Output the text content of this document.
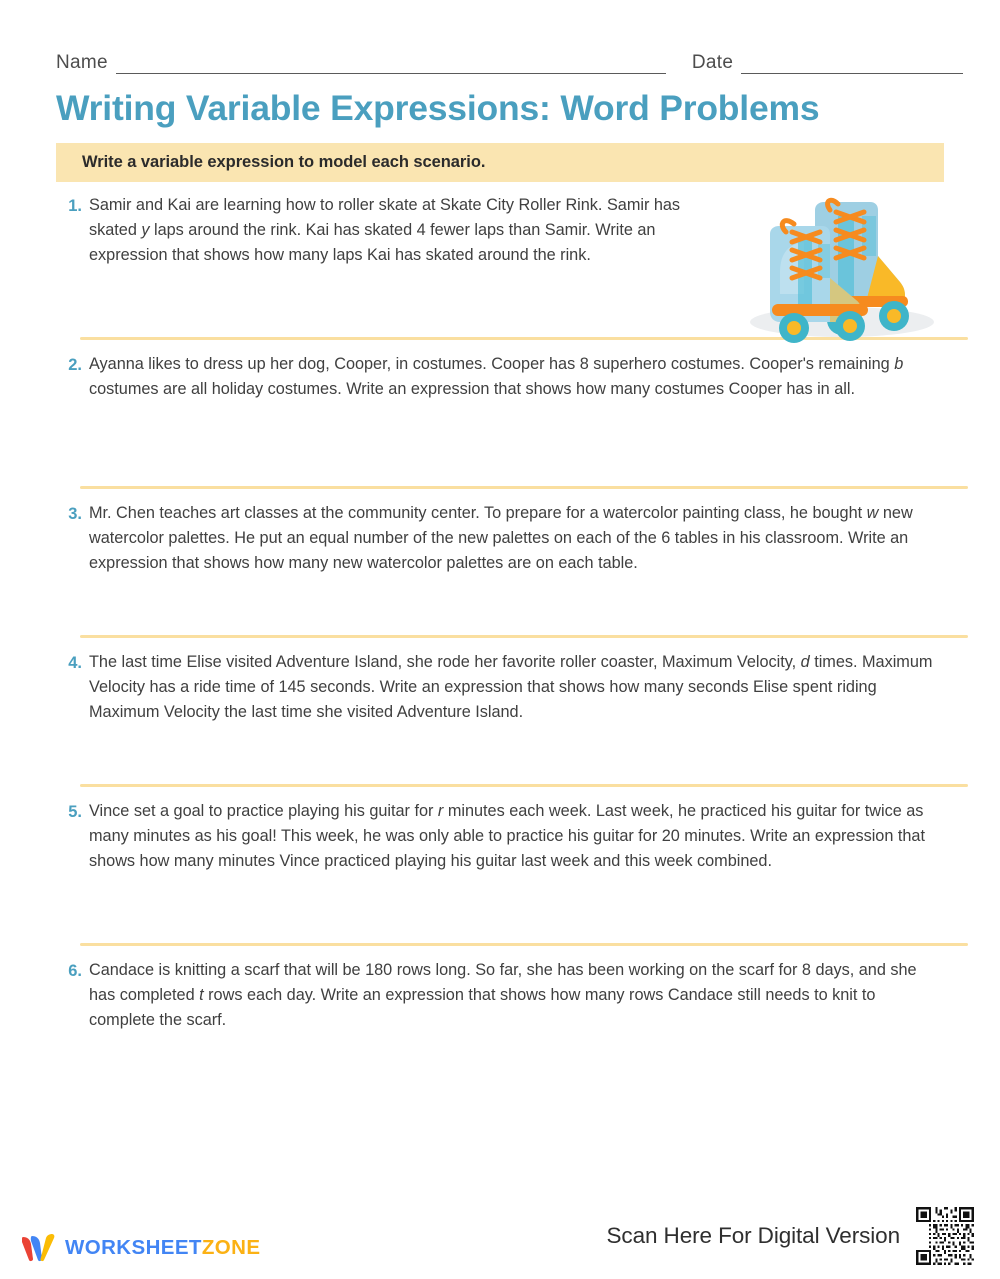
Name	Date
Writing Variable Expressions: Word Problems
Write a variable expression to model each scenario.
1. Samir and Kai are learning how to roller skate at Skate City Roller Rink. Samir has skated y laps around the rink. Kai has skated 4 fewer laps than Samir. Write an expression that shows how many laps Kai has skated around the rink.
2. Ayanna likes to dress up her dog, Cooper, in costumes. Cooper has 8 superhero costumes. Cooper's remaining b costumes are all holiday costumes. Write an expression that shows how many costumes Cooper has in all.
3. Mr. Chen teaches art classes at the community center. To prepare for a watercolor painting class, he bought w new watercolor palettes. He put an equal number of the new palettes on each of the 6 tables in his classroom. Write an expression that shows how many new watercolor palettes are on each table.
4. The last time Elise visited Adventure Island, she rode her favorite roller coaster, Maximum Velocity, d times. Maximum Velocity has a ride time of 145 seconds. Write an expression that shows how many seconds Elise spent riding Maximum Velocity the last time she visited Adventure Island.
5. Vince set a goal to practice playing his guitar for r minutes each week. Last week, he practiced his guitar for twice as many minutes as his goal! This week, he was only able to practice his guitar for 20 minutes. Write an expression that shows how many minutes Vince practiced playing his guitar last week and this week combined.
6. Candace is knitting a scarf that will be 180 rows long. So far, she has been working on the scarf for 8 days, and she has completed t rows each day. Write an expression that shows how many rows Candace still needs to knit to complete the scarf.
WORKSHEETZONE	Scan Here For Digital Version
